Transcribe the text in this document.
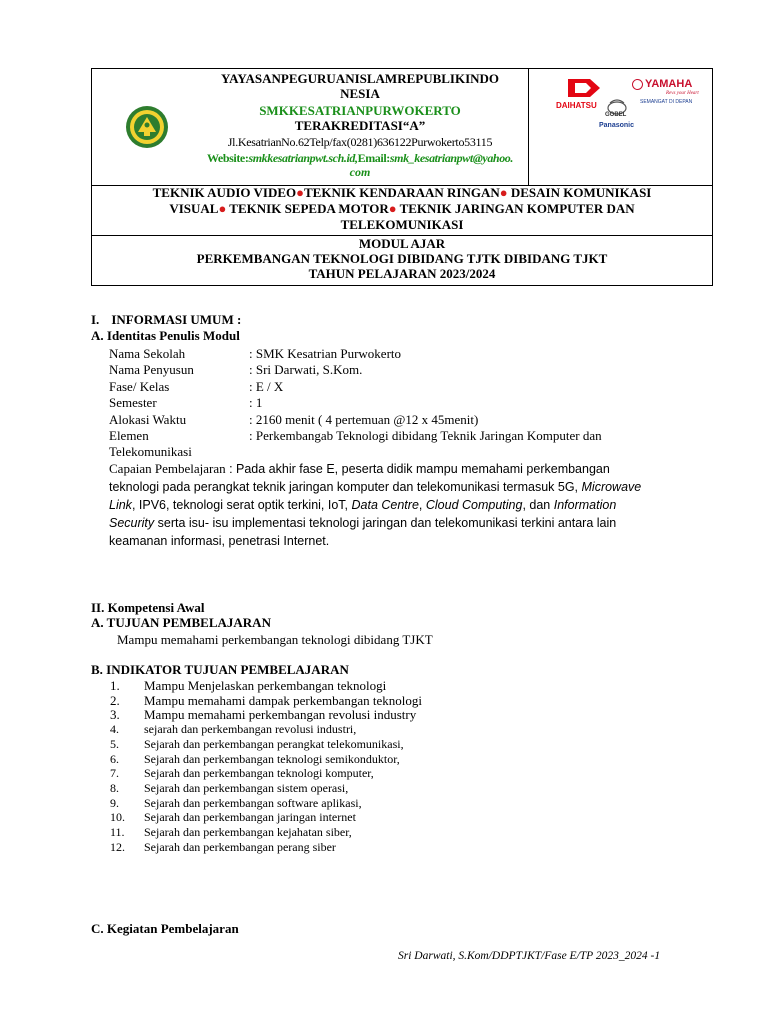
YAYASANPEGURUANISLAMREPUBLIKINDO
NESIA
SMKKESATRIANPURWOKERTO
TERAKREDITASI“A”
Jl.KesatrianNo.62Telp/fax(0281)636122Purwokerto53115
Website:smkkesatrianpwt.sch.id,Email:smk_kesatrianpwt@yahoo.
com
DAIHATSU
YAMAHA
Revs your Heart
GOBEL
Panasonic
SEMANGAT DI DEPAN
TEKNIK AUDIO VIDEO●TEKNIK KENDARAAN RINGAN● DESAIN KOMUNIKASI
VISUAL● TEKNIK SEPEDA MOTOR● TEKNIK JARINGAN KOMPUTER DAN
TELEKOMUNIKASI
MODUL AJAR
PERKEMBANGAN TEKNOLOGI DIBIDANG TJTK DIBIDANG TJKT
TAHUN PELAJARAN 2023/2024
I. INFORMASI UMUM :
A. Identitas Penulis Modul
Nama Sekolah	: SMK Kesatrian Purwokerto
Nama Penyusun	: Sri Darwati, S.Kom.
Fase/ Kelas	: E / X
Semester	: 1
Alokasi Waktu	: 2160 menit ( 4 pertemuan @12 x 45menit)
Elemen	: Perkembangab Teknologi dibidang Teknik Jaringan Komputer dan
Telekomunikasi
Capaian Pembelajaran : Pada akhir fase E, peserta didik mampu memahami perkembangan
teknologi pada perangkat teknik jaringan komputer dan telekomunikasi termasuk 5G, Microwave
Link, IPV6, teknologi serat optik terkini, IoT, Data Centre, Cloud Computing, dan Information
Security serta isu- isu implementasi teknologi jaringan dan telekomunikasi terkini antara lain
keamanan informasi, penetrasi Internet.
II. Kompetensi Awal
A. TUJUAN PEMBELAJARAN
Mampu memahami perkembangan teknologi dibidang TJKT
B. INDIKATOR TUJUAN PEMBELAJARAN
1.	Mampu Menjelaskan perkembangan teknologi
2.	Mampu memahami dampak perkembangan teknologi
3.	Mampu memahami perkembangan revolusi industry
4.	sejarah dan perkembangan revolusi industri,
5.	Sejarah dan perkembangan perangkat telekomunikasi,
6.	Sejarah dan perkembangan teknologi semikonduktor,
7.	Sejarah dan perkembangan teknologi komputer,
8.	Sejarah dan perkembangan sistem operasi,
9.	Sejarah dan perkembangan software aplikasi,
10.	Sejarah dan perkembangan jaringan internet
11.	Sejarah dan perkembangan kejahatan siber,
12.	Sejarah dan perkembangan perang siber
C. Kegiatan Pembelajaran
Sri Darwati, S.Kom/DDPTJKT/Fase E/TP 2023_2024 -1
